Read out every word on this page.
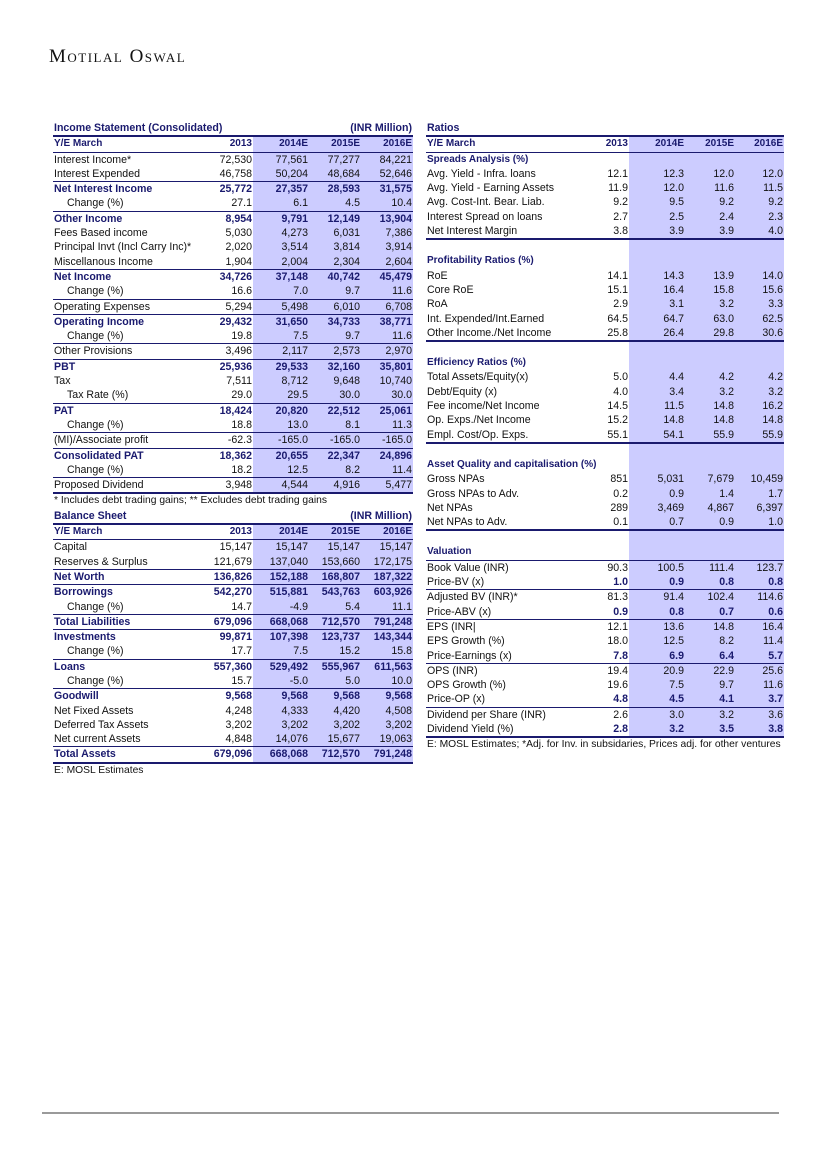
Motilal Oswal
Income Statement (Consolidated)			(INR Million)	
Y/E March	2013	2014E	2015E	2016E
Interest Income*	72,530	77,561	77,277	84,221
Interest Expended	46,758	50,204	48,684	52,646
Net Interest Income	25,772	27,357	28,593	31,575
Change (%)	27.1	6.1	4.5	10.4
Other Income	8,954	9,791	12,149	13,904
Fees Based income	5,030	4,273	6,031	7,386
Principal Invt (Incl Carry Inc)*	2,020	3,514	3,814	3,914
Miscellanous Income	1,904	2,004	2,304	2,604
Net Income	34,726	37,148	40,742	45,479
Change (%)	16.6	7.0	9.7	11.6
Operating Expenses	5,294	5,498	6,010	6,708
Operating Income	29,432	31,650	34,733	38,771
Change (%)	19.8	7.5	9.7	11.6
Other Provisions	3,496	2,117	2,573	2,970
PBT	25,936	29,533	32,160	35,801
Tax	7,511	8,712	9,648	10,740
Tax Rate (%)	29.0	29.5	30.0	30.0
PAT	18,424	20,820	22,512	25,061
Change (%)	18.8	13.0	8.1	11.3
(MI)/Associate profit	-62.3	-165.0	-165.0	-165.0
Consolidated PAT	18,362	20,655	22,347	24,896
Change (%)	18.2	12.5	8.2	11.4
Proposed Dividend	3,948	4,544	4,916	5,477
* Includes debt trading gains; ** Excludes debt trading gains				
Balance Sheet			(INR Million)	
Y/E March	2013	2014E	2015E	2016E
Capital	15,147	15,147	15,147	15,147
Reserves & Surplus	121,679	137,040	153,660	172,175
Net Worth	136,826	152,188	168,807	187,322
Borrowings	542,270	515,881	543,763	603,926
Change (%)	14.7	-4.9	5.4	11.1
Total Liabilities	679,096	668,068	712,570	791,248
Investments	99,871	107,398	123,737	143,344
Change (%)	17.7	7.5	15.2	15.8
Loans	557,360	529,492	555,967	611,563
Change (%)	15.7	-5.0	5.0	10.0
Goodwill	9,568	9,568	9,568	9,568
Net Fixed Assets	4,248	4,333	4,420	4,508
Deferred Tax Assets	3,202	3,202	3,202	3,202
Net current Assets	4,848	14,076	15,677	19,063
Total Assets	679,096	668,068	712,570	791,248
E: MOSL Estimates				
Ratios				
Y/E March	2013	2014E	2015E	2016E
Spreads Analysis (%)				
Avg. Yield - Infra. loans	12.1	12.3	12.0	12.0
Avg. Yield - Earning Assets	11.9	12.0	11.6	11.5
Avg. Cost-Int. Bear. Liab.	9.2	9.5	9.2	9.2
Interest Spread on loans	2.7	2.5	2.4	2.3
Net Interest Margin	3.8	3.9	3.9	4.0

Profitability Ratios (%)				
RoE	14.1	14.3	13.9	14.0
Core RoE	15.1	16.4	15.8	15.6
RoA	2.9	3.1	3.2	3.3
Int. Expended/Int.Earned	64.5	64.7	63.0	62.5
Other Income./Net Income	25.8	26.4	29.8	30.6

Efficiency Ratios (%)				
Total Assets/Equity(x)	5.0	4.4	4.2	4.2
Debt/Equity (x)	4.0	3.4	3.2	3.2
Fee income/Net Income	14.5	11.5	14.8	16.2
Op. Exps./Net Income	15.2	14.8	14.8	14.8
Empl. Cost/Op. Exps.	55.1	54.1	55.9	55.9

Asset Quality and capitalisation (%)				
Gross NPAs	851	5,031	7,679	10,459
Gross NPAs to Adv.	0.2	0.9	1.4	1.7
Net NPAs	289	3,469	4,867	6,397
Net NPAs to Adv.	0.1	0.7	0.9	1.0

Valuation				
Book Value (INR)	90.3	100.5	111.4	123.7
Price-BV (x)	1.0	0.9	0.8	0.8
Adjusted BV (INR)*	81.3	91.4	102.4	114.6
Price-ABV (x)	0.9	0.8	0.7	0.6
EPS (INR|	12.1	13.6	14.8	16.4
EPS Growth (%)	18.0	12.5	8.2	11.4
Price-Earnings (x)	7.8	6.9	6.4	5.7
OPS (INR)	19.4	20.9	22.9	25.6
OPS Growth (%)	19.6	7.5	9.7	11.6
Price-OP (x)	4.8	4.5	4.1	3.7
Dividend per Share (INR)	2.6	3.0	3.2	3.6
Dividend Yield (%)	2.8	3.2	3.5	3.8
E: MOSL Estimates; *Adj. for Inv. in subsidaries, Prices adj. for other ventures				
